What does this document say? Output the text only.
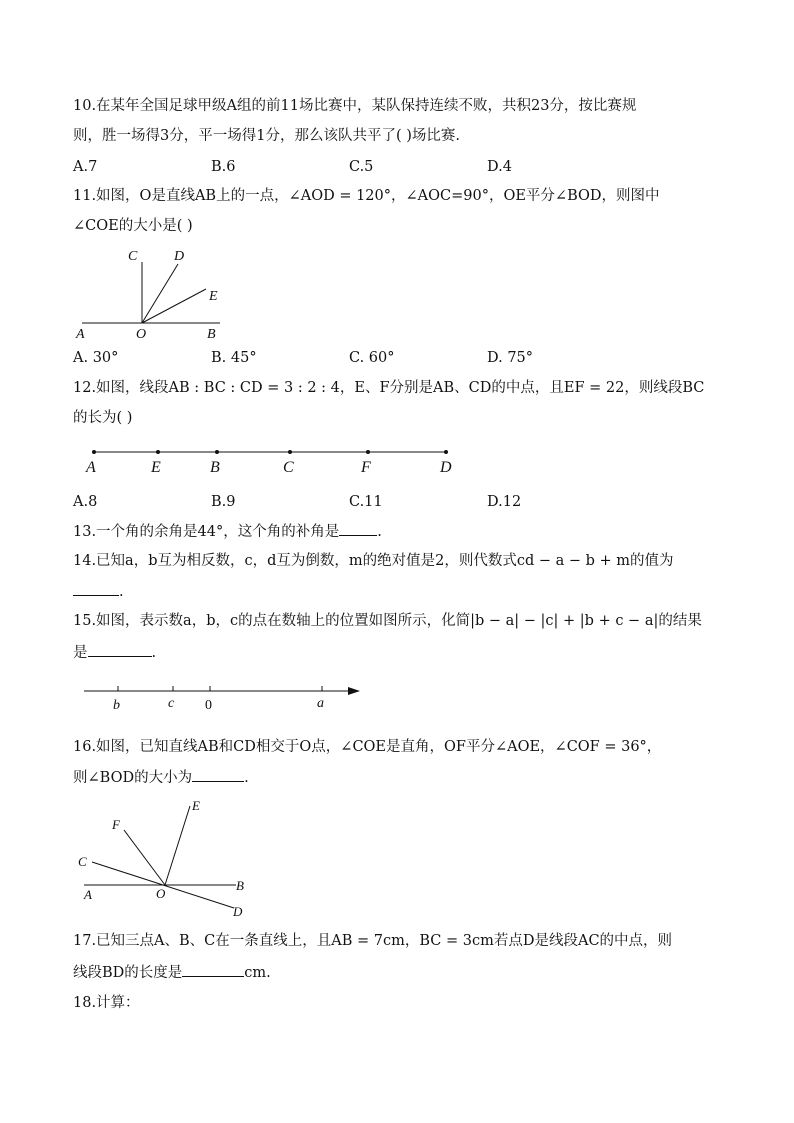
10.在某年全国足球甲级A组的前11场比赛中，某队保持连续不败，共积23分，按比赛规
则，胜一场得3分，平一场得1分，那么该队共平了( )场比赛.
A.7	B.6	C.5	D.4
11.如图，O是直线AB上的一点，∠AOD = 120°，∠AOC=90°，OE平分∠BOD，则图中
∠COE的大小是( )
C	D
E
A	O	B
A. 30°	B. 45°	C. 60°	D. 75°
12.如图，线段AB : BC : CD = 3 : 2 : 4，E、F分别是AB、CD的中点，且EF = 22，则线段BC
的长为( )
A	E	B	C	F	D
A.8	B.9	C.11	D.12
13.一个角的余角是44°，这个角的补角是	.
14.已知a，b互为相反数，c，d互为倒数，m的绝对值是2，则代数式cd − a − b + m的值为
.
15.如图，表示数a，b，c的点在数轴上的位置如图所示，化简|b − a| − |c| + |b + c − a|的结果
是	.
b	c 0	a
16.如图，已知直线AB和CD相交于O点，∠COE是直角，OF平分∠AOE，∠COF = 36°，
则∠BOD的大小为	.
E
F
C
A	O
B
D
17.已知三点A、B、C在一条直线上，且AB = 7cm，BC = 3cm若点D是线段AC的中点，则
线段BD的长度是	cm.
18.计算：
